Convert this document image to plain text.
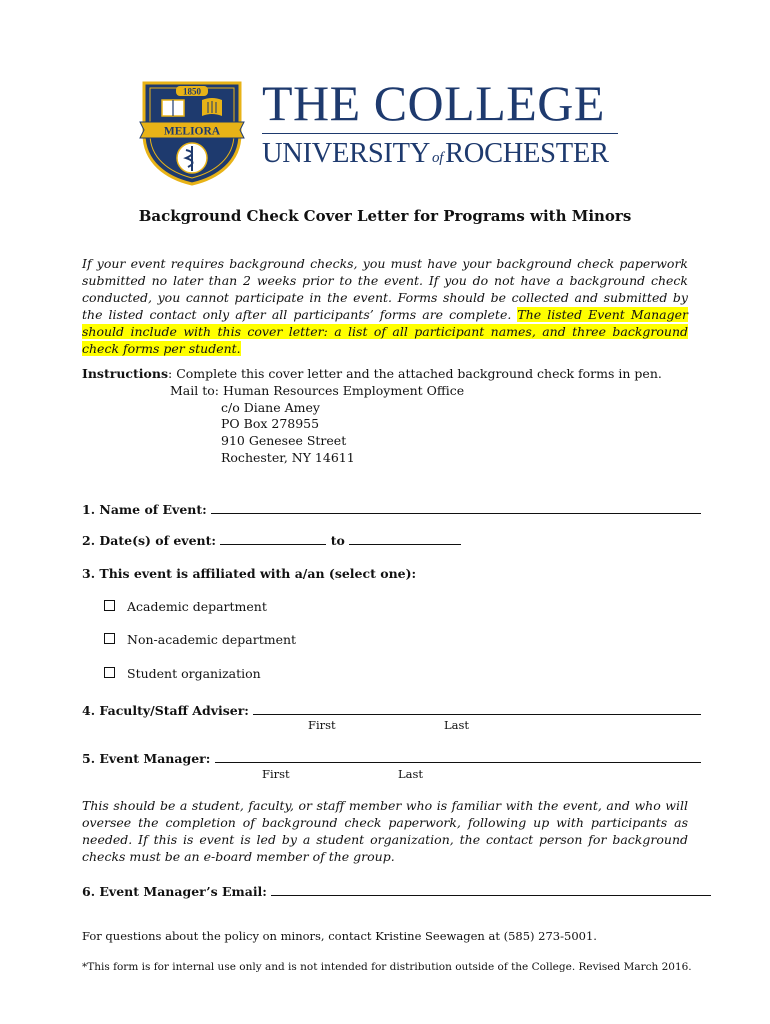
1850
MELIORA
THE COLLEGE
UNIVERSITY ofROCHESTER
Background Check Cover Letter for Programs with Minors

If your event requires background checks, you must have your background check paperwork submitted no later than 2 weeks prior to the event. If you do not have a background check conducted, you cannot participate in the event. Forms should be collected and submitted by the listed contact only after all participants’ forms are complete. The listed Event Manager should include with this cover letter: a list of all participant names, and three background check forms per student.

Instructions: Complete this cover letter and the attached background check forms in pen.
Mail to: Human Resources Employment Office
c/o Diane Amey
PO Box 278955
910 Genesee Street
Rochester, NY 14611
1. Name of Event:
2. Date(s) of event:	to
3. This event is affiliated with a/an (select one):
Academic department
Non-academic department
Student organization
4. Faculty/Staff Adviser:
First	Last
5. Event Manager:
First	Last

This should be a student, faculty, or staff member who is familiar with the event, and who will oversee the completion of background check paperwork, following up with participants as needed. If this is event is led by a student organization, the contact person for background checks must be an e-board member of the group.

6. Event Manager’s Email:
For questions about the policy on minors, contact Kristine Seewagen at (585) 273-5001.
*This form is for internal use only and is not intended for distribution outside of the College. Revised March 2016.
